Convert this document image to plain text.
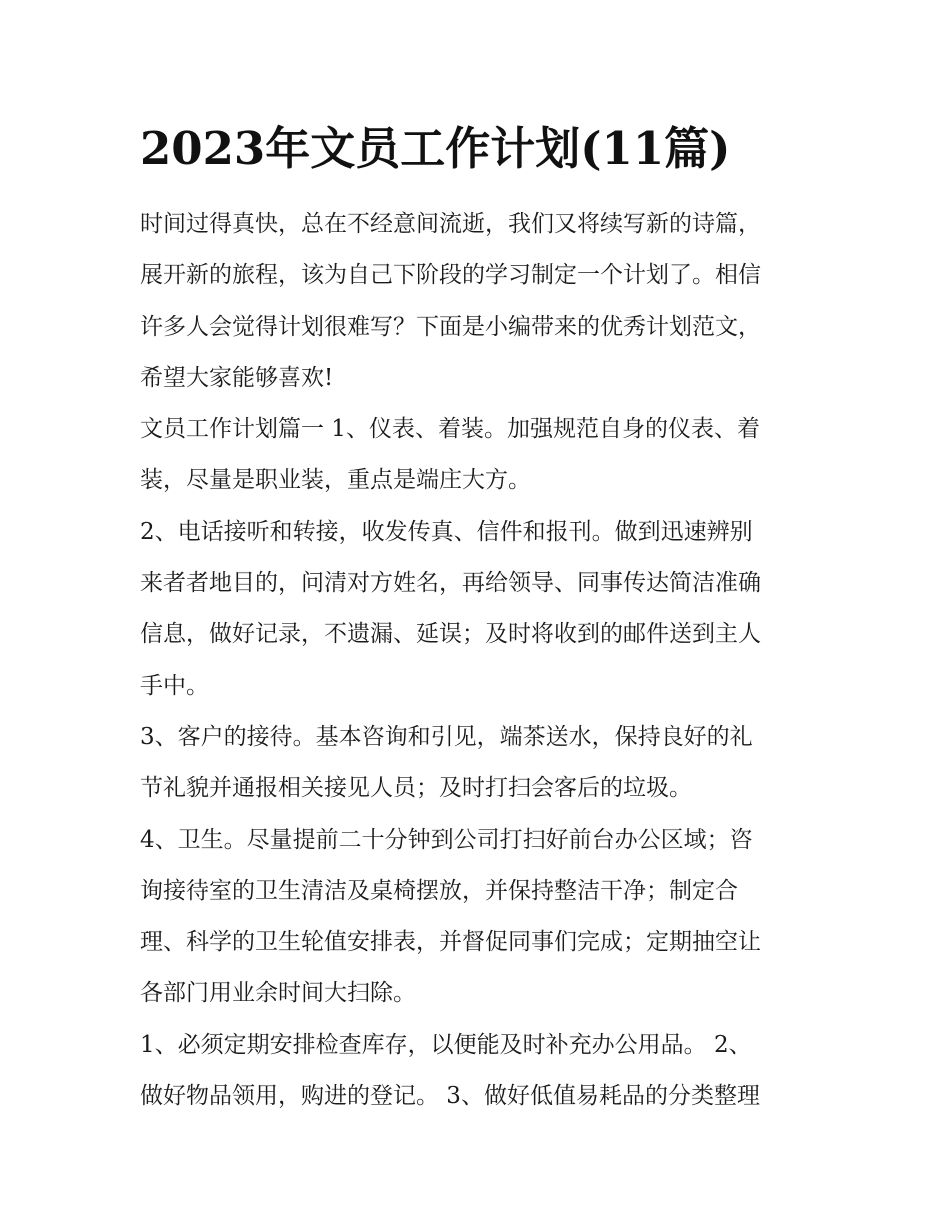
2023年文员工作计划(11篇)

时间过得真快，总在不经意间流逝，我们又将续写新的诗篇，
展开新的旅程，该为自己下阶段的学习制定一个计划了。相信
许多人会觉得计划很难写？下面是小编带来的优秀计划范文，
希望大家能够喜欢!

文员工作计划篇一 1、仪表、着装。加强规范自身的仪表、着
装，尽量是职业装，重点是端庄大方。

2、电话接听和转接，收发传真、信件和报刊。做到迅速辨别
来者者地目的，问清对方姓名，再给领导、同事传达简洁准确
信息，做好记录，不遗漏、延误；及时将收到的邮件送到主人
手中。

3、客户的接待。基本咨询和引见，端茶送水，保持良好的礼
节礼貌并通报相关接见人员；及时打扫会客后的垃圾。

4、卫生。尽量提前二十分钟到公司打扫好前台办公区域；咨
询接待室的卫生清洁及桌椅摆放，并保持整洁干净；制定合
理、科学的卫生轮值安排表，并督促同事们完成；定期抽空让
各部门用业余时间大扫除。

1、必须定期安排检查库存，以便能及时补充办公用品。 2、
做好物品领用，购进的登记。 3、做好低值易耗品的分类整理
